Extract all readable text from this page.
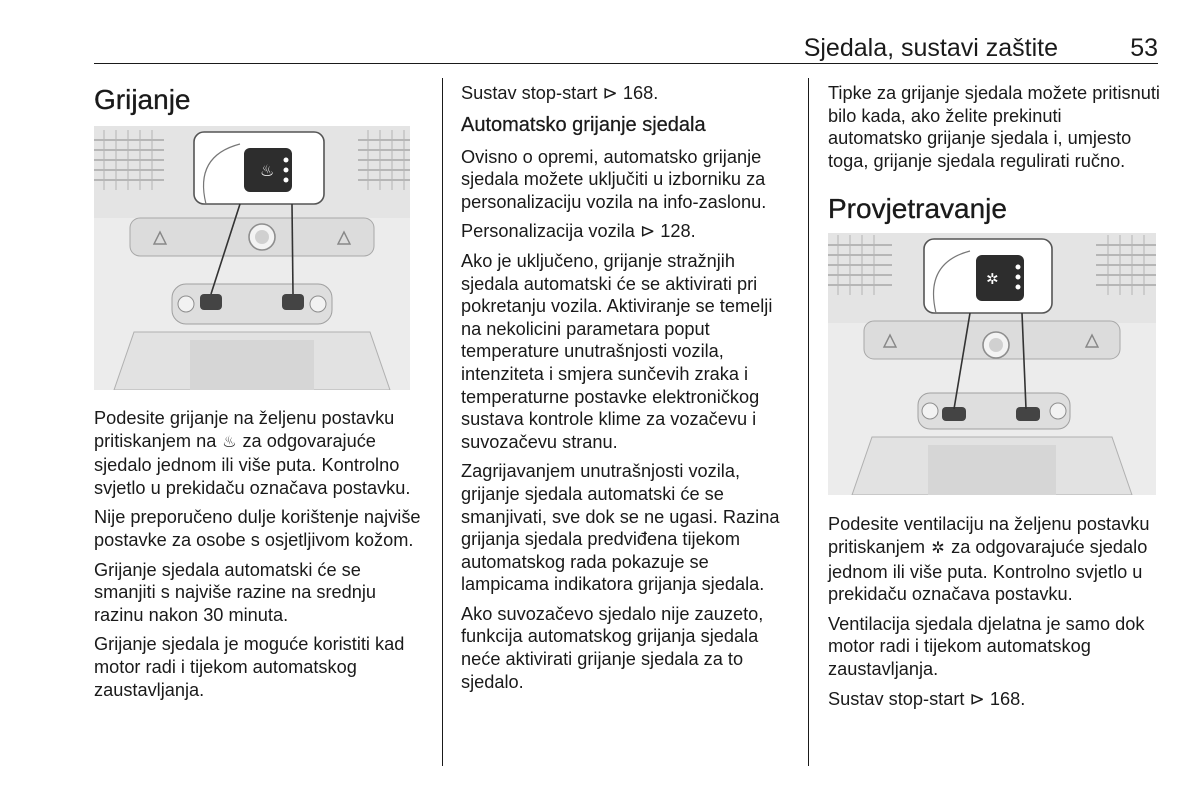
Sjedala, sustavi zaštite	53
Grijanje
♨

Podesite grijanje na željenu postavku pritiskanjem na ♨ za odgovarajuće sjedalo jednom ili više puta. Kontrolno svjetlo u prekidaču označava postavku.

Nije preporučeno dulje korištenje najviše postavke za osobe s osjetljivom kožom.

Grijanje sjedala automatski će se smanjiti s najviše razine na srednju razinu nakon 30 minuta.

Grijanje sjedala je moguće koristiti kad motor radi i tijekom automatskog zaustavljanja.

Sustav stop-start ⊳ 168.

Automatsko grijanje sjedala

Ovisno o opremi, automatsko grijanje sjedala možete uključiti u izborniku za personalizaciju vozila na info-zaslonu.

Personalizacija vozila ⊳ 128.

Ako je uključeno, grijanje stražnjih sjedala automatski će se aktivirati pri pokretanju vozila. Aktiviranje se temelji na nekolicini parametara poput temperature unutrašnjosti vozila, intenziteta i smjera sunčevih zraka i temperaturne postavke elektroničkog sustava kontrole klime za vozačevu i suvozačevu stranu.

Zagrijavanjem unutrašnjosti vozila, grijanje sjedala automatski će se smanjivati, sve dok se ne ugasi. Razina grijanja sjedala predviđena tijekom automatskog rada pokazuje se lampicama indikatora grijanja sjedala.

Ako suvozačevo sjedalo nije zauzeto, funkcija automatskog grijanja sjedala neće aktivirati grijanje sjedala za to sjedalo.

Tipke za grijanje sjedala možete pritisnuti bilo kada, ako želite prekinuti automatsko grijanje sjedala i, umjesto toga, grijanje sjedala regulirati ručno.

Provjetravanje
✲

Podesite ventilaciju na željenu postavku pritiskanjem ✲ za odgovarajuće sjedalo jednom ili više puta. Kontrolno svjetlo u prekidaču označava postavku.

Ventilacija sjedala djelatna je samo dok motor radi i tijekom automatskog zaustavljanja.

Sustav stop-start ⊳ 168.
